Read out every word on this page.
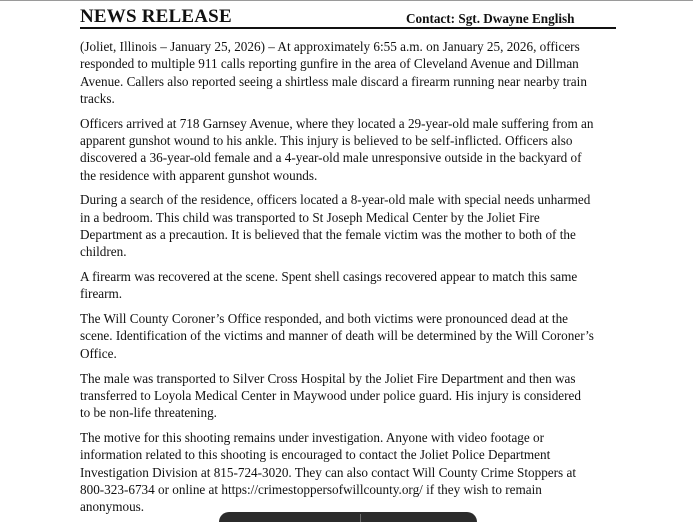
NEWS RELEASE	Contact: Sgt. Dwayne English

(Joliet, Illinois – January 25, 2026) – At approximately 6:55 a.m. on January 25, 2026, officers
responded to multiple 911 calls reporting gunfire in the area of Cleveland Avenue and Dillman
Avenue. Callers also reported seeing a shirtless male discard a firearm running near nearby train
tracks.

Officers arrived at 718 Garnsey Avenue, where they located a 29-year-old male suffering from an
apparent gunshot wound to his ankle. This injury is believed to be self-inflicted. Officers also
discovered a 36-year-old female and a 4-year-old male unresponsive outside in the backyard of
the residence with apparent gunshot wounds.

During a search of the residence, officers located a 8-year-old male with special needs unharmed
in a bedroom. This child was transported to St Joseph Medical Center by the Joliet Fire
Department as a precaution. It is believed that the female victim was the mother to both of the
children.

A firearm was recovered at the scene. Spent shell casings recovered appear to match this same
firearm.

The Will County Coroner’s Office responded, and both victims were pronounced dead at the
scene. Identification of the victims and manner of death will be determined by the Will Coroner’s
Office.

The male was transported to Silver Cross Hospital by the Joliet Fire Department and then was
transferred to Loyola Medical Center in Maywood under police guard. His injury is considered
to be non-life threatening.

The motive for this shooting remains under investigation. Anyone with video footage or
information related to this shooting is encouraged to contact the Joliet Police Department
Investigation Division at 815-724-3020. They can also contact Will County Crime Stoppers at
800-323-6734 or online at https://crimestoppersofwillcounty.org/ if they wish to remain
anonymous.
